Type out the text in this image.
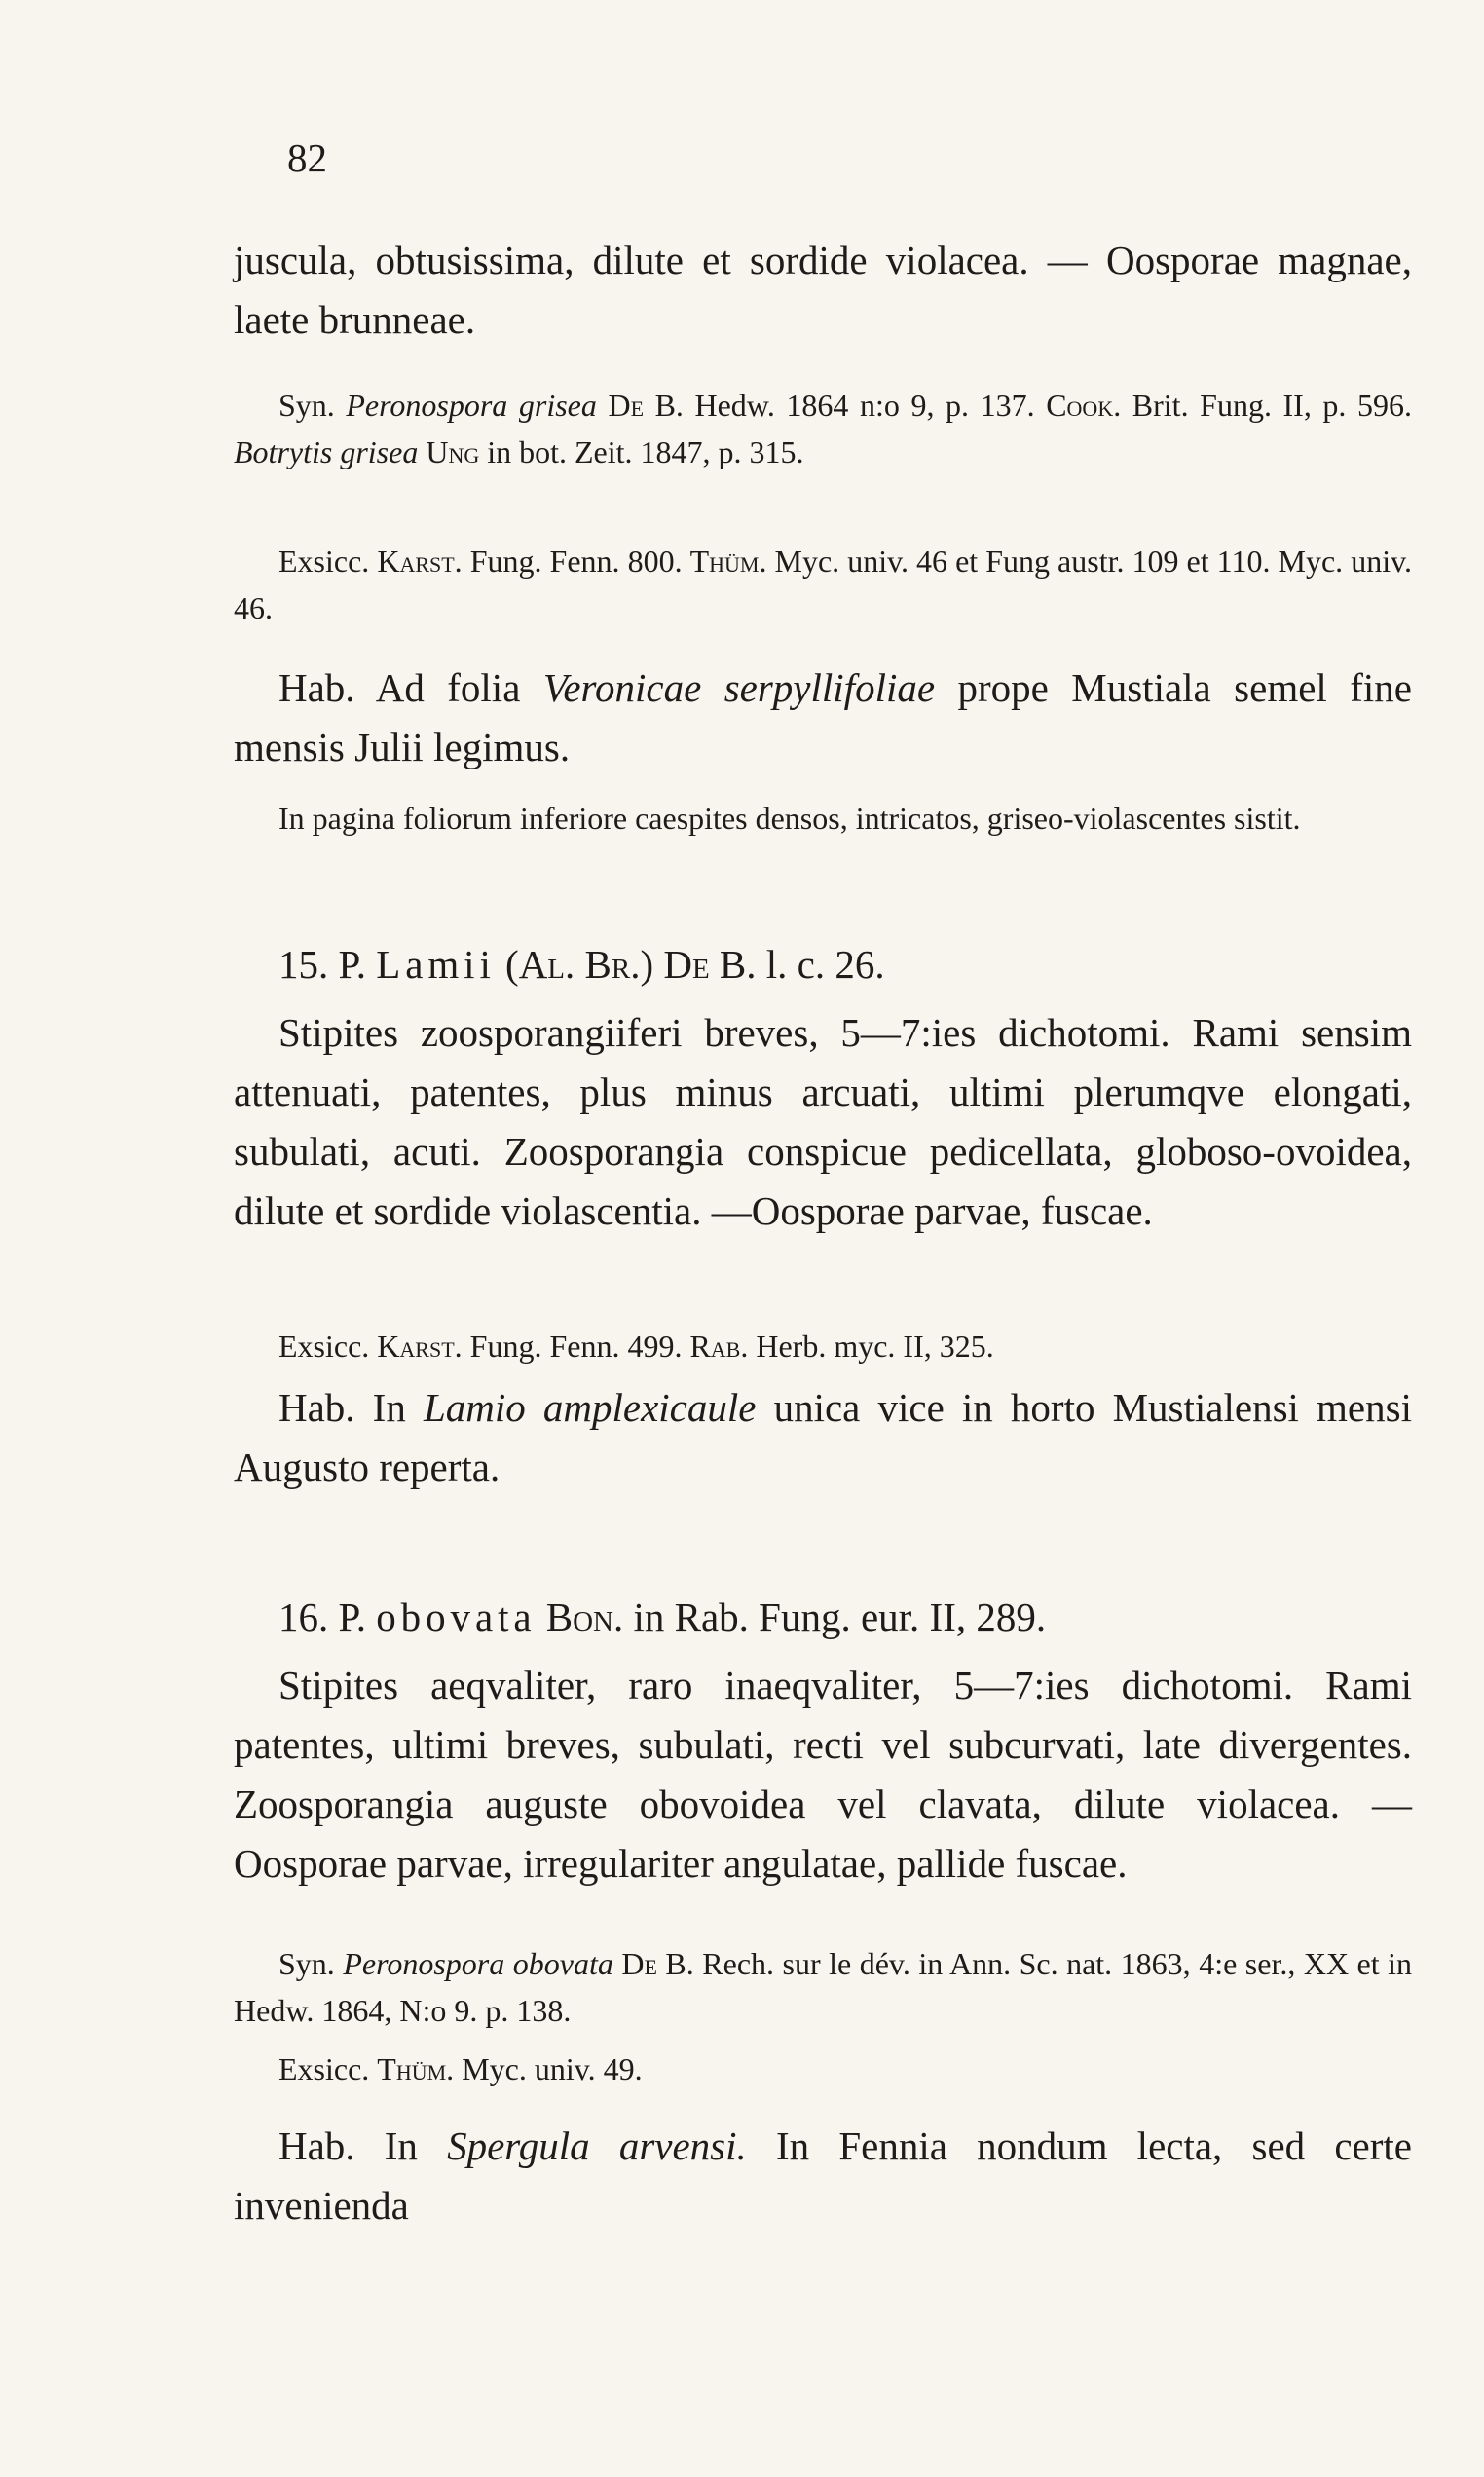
82

juscula, obtusissima, dilute et sordide violacea. — Oosporae magnae, laete brunneae.

Syn. Peronospora grisea De B. Hedw. 1864 n:o 9, p. 137. Cook. Brit. Fung. II, p. 596. Botrytis grisea Ung in bot. Zeit. 1847, p. 315.

Exsicc. Karst. Fung. Fenn. 800. Thüm. Myc. univ. 46 et Fung austr. 109 et 110. Myc. univ. 46.

Hab. Ad folia Veronicae serpyllifoliae prope Mustiala semel fine mensis Julii legimus.

In pagina foliorum inferiore caespites densos, intricatos, griseo-violascentes sistit.

15. P. Lamii (Al. Br.) De B. l. c. 26.

Stipites zoosporangiiferi breves, 5—7:ies dichotomi. Rami sensim attenuati, patentes, plus minus arcuati, ultimi plerumqve elongati, subulati, acuti. Zoosporangia conspicue pedicellata, globoso-ovoidea, dilute et sordide violascentia. —Oosporae parvae, fuscae.

Exsicc. Karst. Fung. Fenn. 499. Rab. Herb. myc. II, 325.

Hab. In Lamio amplexicaule unica vice in horto Mustialensi mensi Augusto reperta.

16. P. obovata Bon. in Rab. Fung. eur. II, 289.

Stipites aeqvaliter, raro inaeqvaliter, 5—7:ies dichotomi. Rami patentes, ultimi breves, subulati, recti vel subcurvati, late divergentes. Zoosporangia auguste obovoidea vel clavata, dilute violacea. — Oosporae parvae, irregulariter angulatae, pallide fuscae.

Syn. Peronospora obovata De B. Rech. sur le dév. in Ann. Sc. nat. 1863, 4:e ser., XX et in Hedw. 1864, N:o 9. p. 138.

Exsicc. Thüm. Myc. univ. 49.

Hab. In Spergula arvensi. In Fennia nondum lecta, sed certe invenienda
